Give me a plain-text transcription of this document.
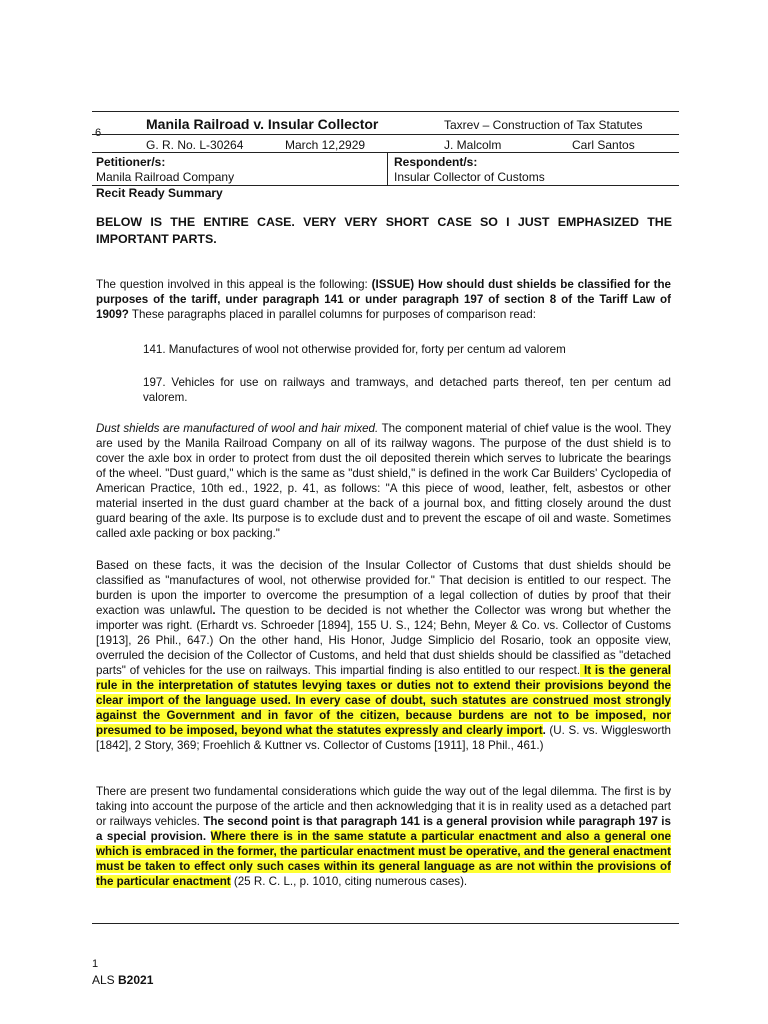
6
Manila Railroad v. Insular Collector	Taxrev – Construction of Tax Statutes
G. R. No. L-30264	March 12,2929	J. Malcolm	Carl Santos
Petitioner/s:
Manila Railroad Company
Respondent/s:
Insular Collector of Customs
Recit Ready Summary
BELOW IS THE ENTIRE CASE. VERY VERY SHORT CASE SO I JUST EMPHASIZED THE IMPORTANT PARTS.
The question involved in this appeal is the following: (ISSUE) How should dust shields be classified for the purposes of the tariff, under paragraph 141 or under paragraph 197 of section 8 of the Tariff Law of 1909? These paragraphs placed in parallel columns for purposes of comparison read:
141. Manufactures of wool not otherwise provided for, forty per centum ad valorem
197. Vehicles for use on railways and tramways, and detached parts thereof, ten per centum ad valorem.
Dust shields are manufactured of wool and hair mixed. The component material of chief value is the wool. They are used by the Manila Railroad Company on all of its railway wagons. The purpose of the dust shield is to cover the axle box in order to protect from dust the oil deposited therein which serves to lubricate the bearings of the wheel. "Dust guard," which is the same as "dust shield," is defined in the work Car Builders' Cyclopedia of American Practice, 10th ed., 1922, p. 41, as follows: "A this piece of wood, leather, felt, asbestos or other material inserted in the dust guard chamber at the back of a journal box, and fitting closely around the dust guard bearing of the axle. Its purpose is to exclude dust and to prevent the escape of oil and waste. Sometimes called axle packing or box packing."
Based on these facts, it was the decision of the Insular Collector of Customs that dust shields should be classified as "manufactures of wool, not otherwise provided for." That decision is entitled to our respect. The burden is upon the importer to overcome the presumption of a legal collection of duties by proof that their exaction was unlawful. The question to be decided is not whether the Collector was wrong but whether the importer was right. (Erhardt vs. Schroeder [1894], 155 U. S., 124; Behn, Meyer & Co. vs. Collector of Customs [1913], 26 Phil., 647.) On the other hand, His Honor, Judge Simplicio del Rosario, took an opposite view, overruled the decision of the Collector of Customs, and held that dust shields should be classified as "detached parts" of vehicles for the use on railways. This impartial finding is also entitled to our respect. It is the general rule in the interpretation of statutes levying taxes or duties not to extend their provisions beyond the clear import of the language used. In every case of doubt, such statutes are construed most strongly against the Government and in favor of the citizen, because burdens are not to be imposed, nor presumed to be imposed, beyond what the statutes expressly and clearly import. (U. S. vs. Wigglesworth [1842], 2 Story, 369; Froehlich & Kuttner vs. Collector of Customs [1911], 18 Phil., 461.)
There are present two fundamental considerations which guide the way out of the legal dilemma. The first is by taking into account the purpose of the article and then acknowledging that it is in reality used as a detached part or railways vehicles. The second point is that paragraph 141 is a general provision while paragraph 197 is a special provision. Where there is in the same statute a particular enactment and also a general one which is embraced in the former, the particular enactment must be operative, and the general enactment must be taken to effect only such cases within its general language as are not within the provisions of the particular enactment (25 R. C. L., p. 1010, citing numerous cases).
1
ALS B2021
